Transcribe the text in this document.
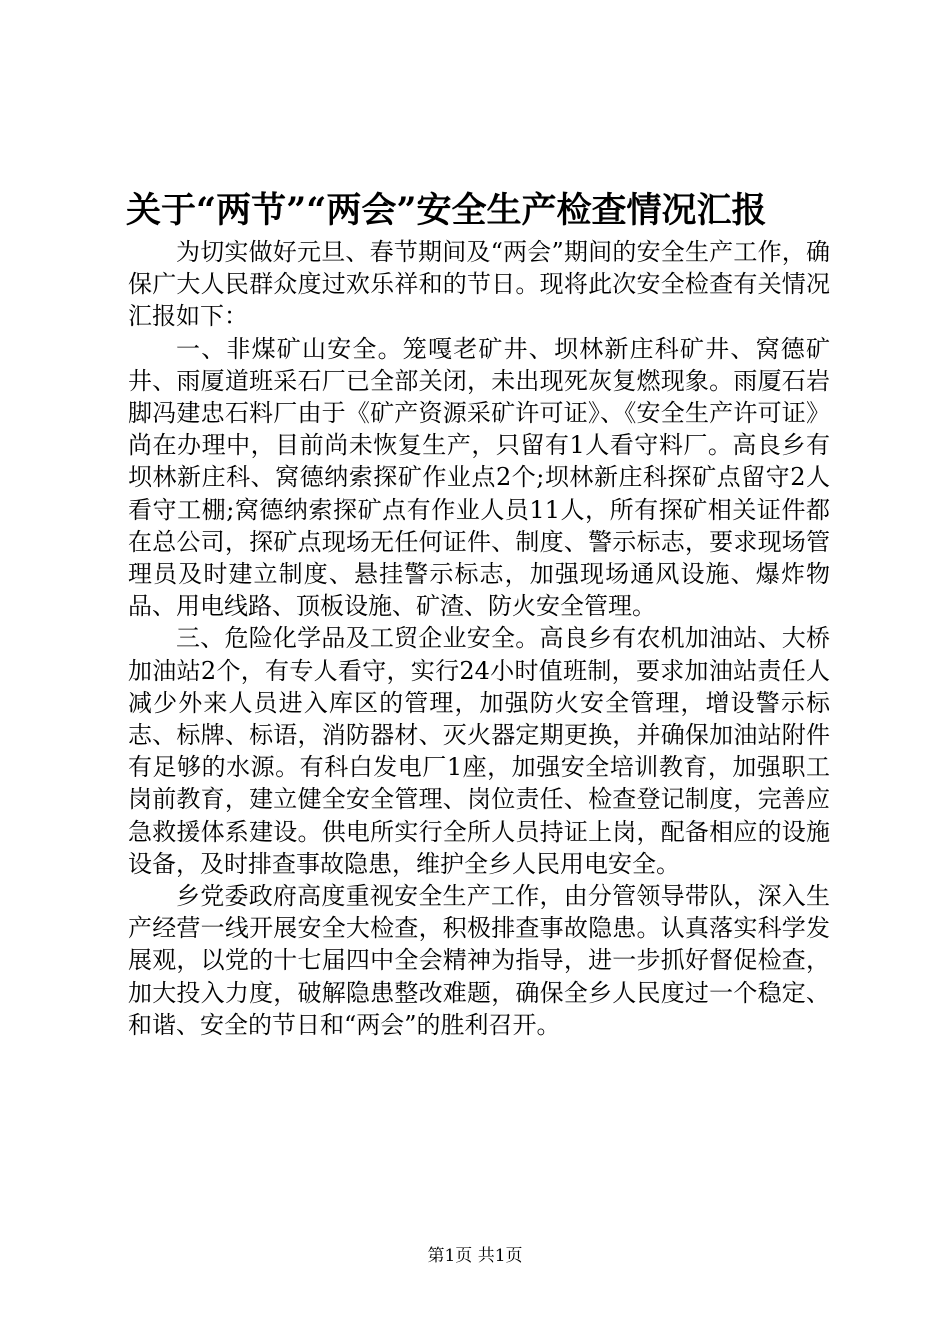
关于“两节”“两会”安全生产检查情况汇报

为切实做好元旦、春节期间及“两会”期间的安全生产工作，确保广大人民群众度过欢乐祥和的节日。现将此次安全检查有关情况汇报如下：

一、非煤矿山安全。笼嘎老矿井、坝林新庄科矿井、窝德矿井、雨厦道班采石厂已全部关闭，未出现死灰复燃现象。雨厦石岩脚冯建忠石料厂由于《矿产资源采矿许可证》、《安全生产许可证》尚在办理中，目前尚未恢复生产，只留有1人看守料厂。高良乡有坝林新庄科、窝德纳索探矿作业点2个;坝林新庄科探矿点留守2人看守工棚;窝德纳索探矿点有作业人员11人，所有探矿相关证件都在总公司，探矿点现场无任何证件、制度、警示标志，要求现场管理员及时建立制度、悬挂警示标志，加强现场通风设施、爆炸物品、用电线路、顶板设施、矿渣、防火安全管理。

三、危险化学品及工贸企业安全。高良乡有农机加油站、大桥加油站2个，有专人看守，实行24小时值班制，要求加油站责任人减少外来人员进入库区的管理，加强防火安全管理，增设警示标志、标牌、标语，消防器材、灭火器定期更换，并确保加油站附件有足够的水源。有科白发电厂1座，加强安全培训教育，加强职工岗前教育，建立健全安全管理、岗位责任、检查登记制度，完善应急救援体系建设。供电所实行全所人员持证上岗，配备相应的设施设备，及时排查事故隐患，维护全乡人民用电安全。

乡党委政府高度重视安全生产工作，由分管领导带队，深入生产经营一线开展安全大检查，积极排查事故隐患。认真落实科学发展观，以党的十七届四中全会精神为指导，进一步抓好督促检查，加大投入力度，破解隐患整改难题，确保全乡人民度过一个稳定、和谐、安全的节日和“两会”的胜利召开。

第1页 共1页
